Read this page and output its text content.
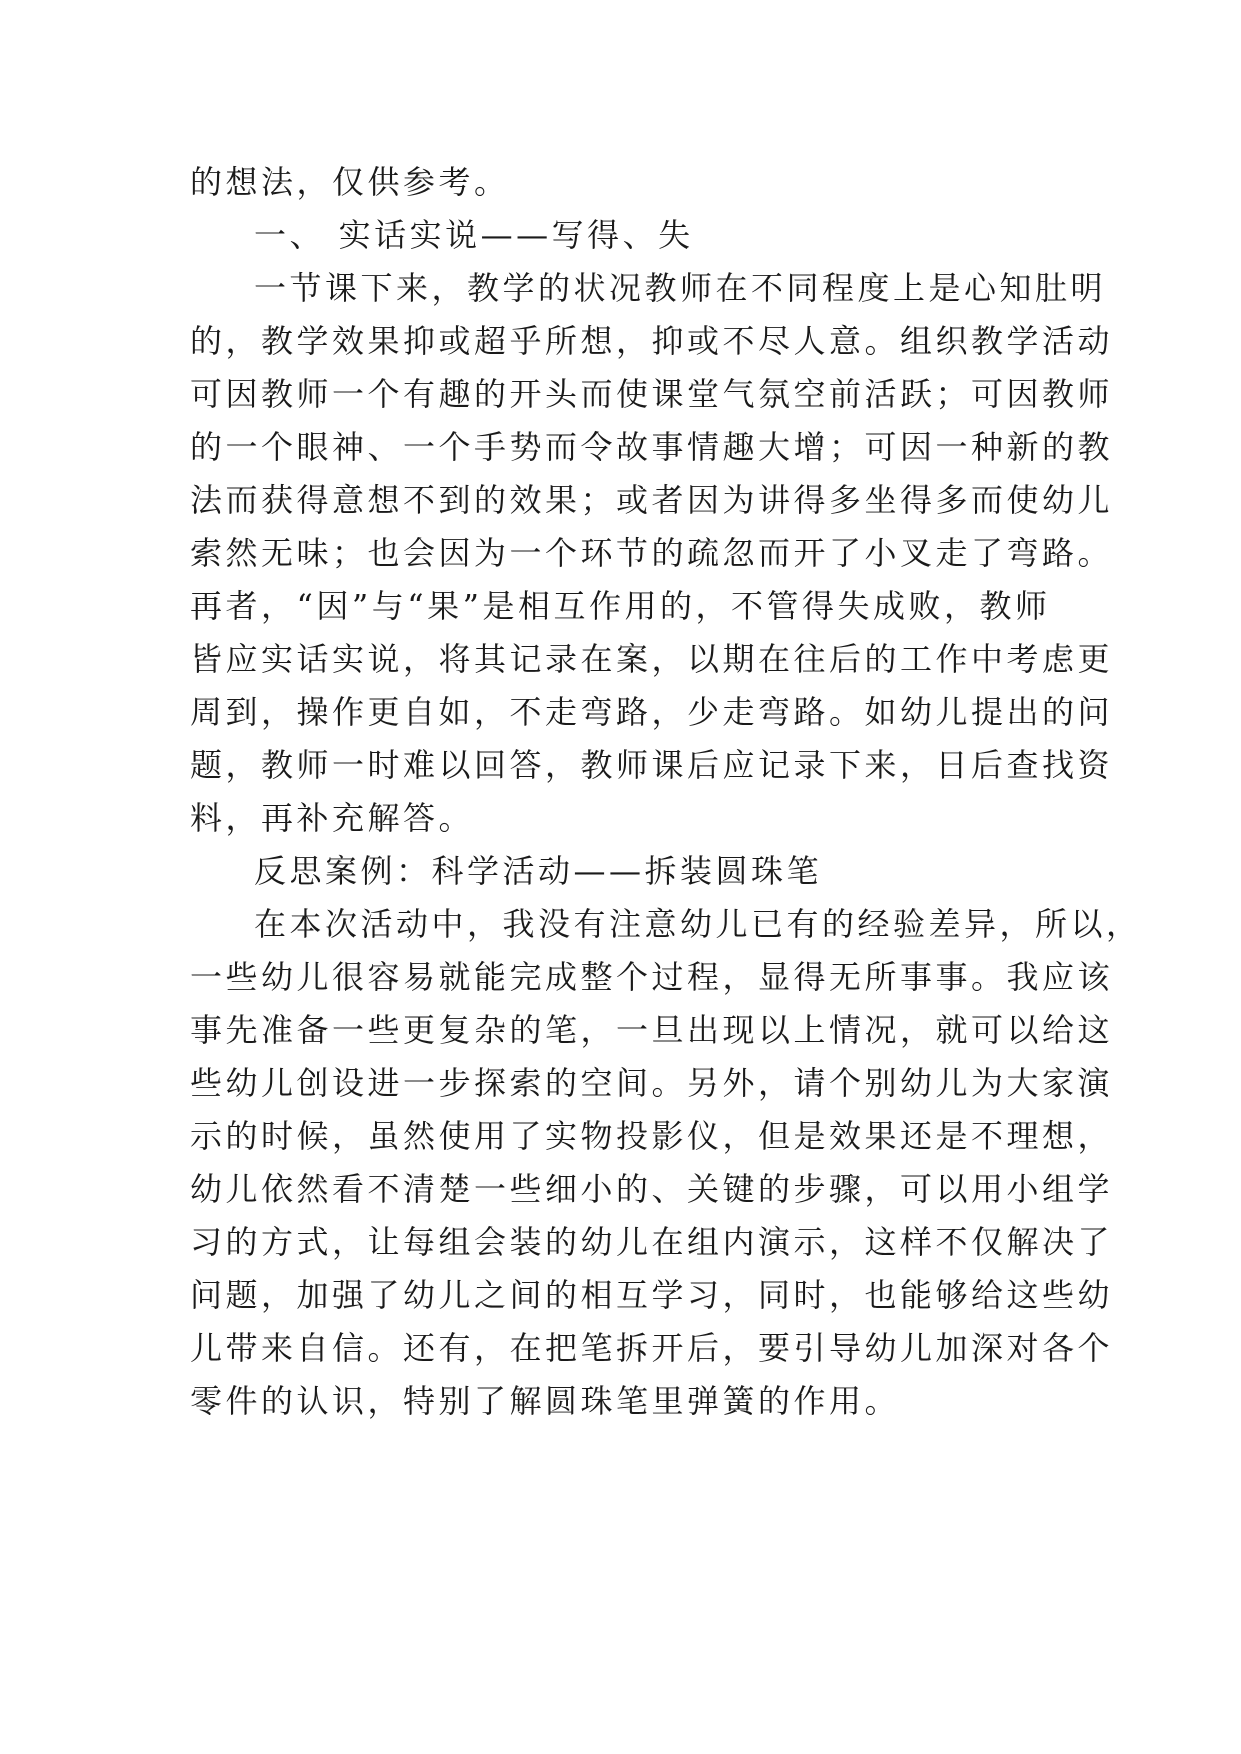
的想法，仅供参考。
一、 实话实说——写得、失
一节课下来，教学的状况教师在不同程度上是心知肚明
的，教学效果抑或超乎所想，抑或不尽人意。组织教学活动
可因教师一个有趣的开头而使课堂气氛空前活跃；可因教师
的一个眼神、一个手势而令故事情趣大增；可因一种新的教
法而获得意想不到的效果；或者因为讲得多坐得多而使幼儿
索然无味；也会因为一个环节的疏忽而开了小叉走了弯路。
再者，“因”与“果”是相互作用的，不管得失成败，教师
皆应实话实说，将其记录在案，以期在往后的工作中考虑更
周到，操作更自如，不走弯路，少走弯路。如幼儿提出的问
题，教师一时难以回答，教师课后应记录下来，日后查找资
料，再补充解答。
反思案例：科学活动——拆装圆珠笔
在本次活动中，我没有注意幼儿已有的经验差异，所以，
一些幼儿很容易就能完成整个过程，显得无所事事。我应该
事先准备一些更复杂的笔，一旦出现以上情况，就可以给这
些幼儿创设进一步探索的空间。另外，请个别幼儿为大家演
示的时候，虽然使用了实物投影仪，但是效果还是不理想，
幼儿依然看不清楚一些细小的、关键的步骤，可以用小组学
习的方式，让每组会装的幼儿在组内演示，这样不仅解决了
问题，加强了幼儿之间的相互学习，同时，也能够给这些幼
儿带来自信。还有，在把笔拆开后，要引导幼儿加深对各个
零件的认识，特别了解圆珠笔里弹簧的作用。
